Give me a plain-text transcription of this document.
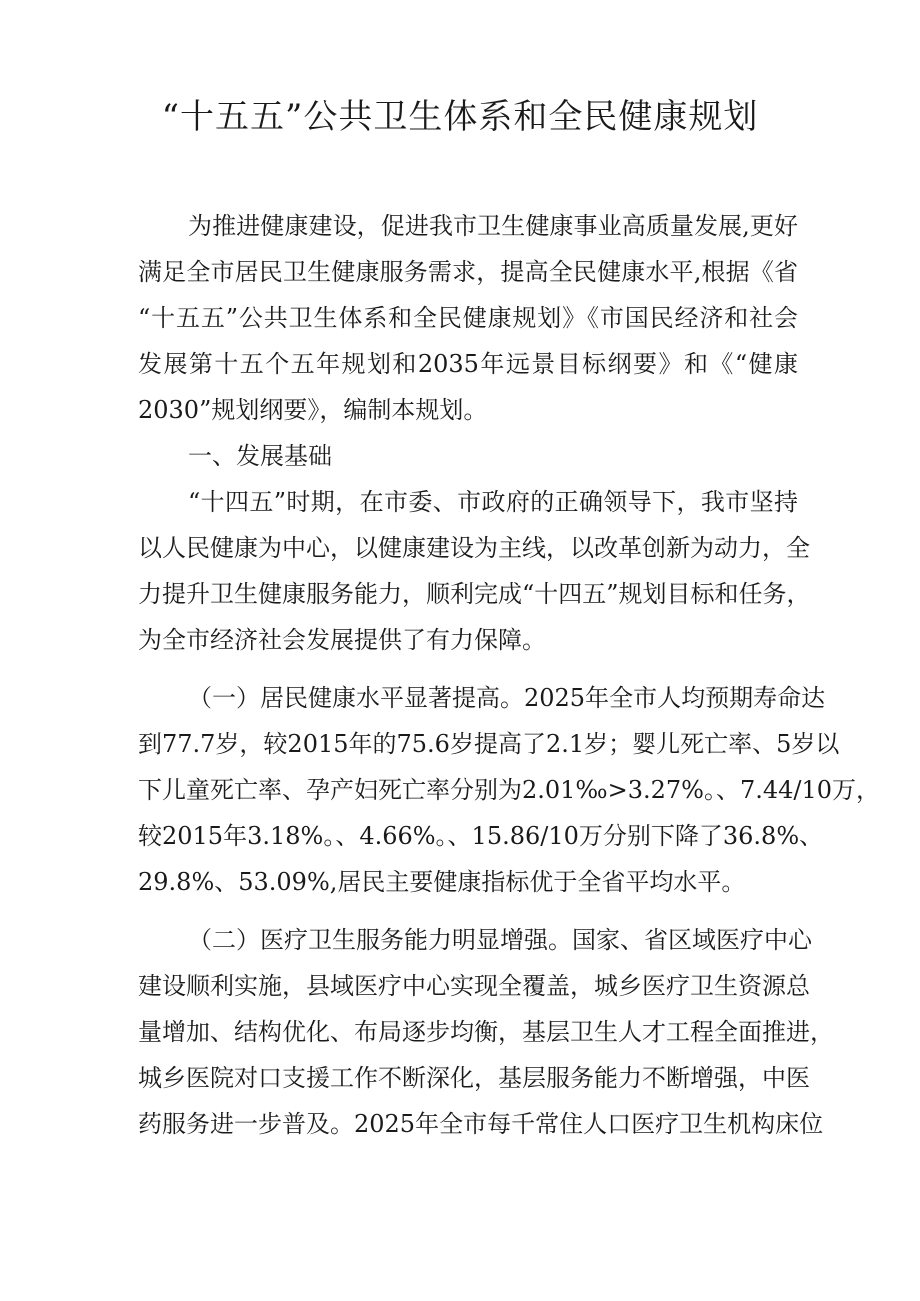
“十五五”公共卫生体系和全民健康规划
为推进健康建设，促进我市卫生健康事业高质量发展,更好
满足全市居民卫生健康服务需求，提高全民健康水平,根据《省
“十五五”公共卫生体系和全民健康规划》《市国民经济和社会
发展第十五个五年规划和2035年远景目标纲要》和《“健康
2030”规划纲要》，编制本规划。
一、发展基础
“十四五”时期，在市委、市政府的正确领导下，我市坚持
以人民健康为中心，以健康建设为主线，以改革创新为动力，全
力提升卫生健康服务能力，顺利完成“十四五”规划目标和任务，
为全市经济社会发展提供了有力保障。
（一）居民健康水平显著提高。2025年全市人均预期寿命达
到77.7岁，较2015年的75.6岁提高了2.1岁；婴儿死亡率、5岁以
下儿童死亡率、孕产妇死亡率分别为2.01‰>3.27%。、7.44/10万，
较2015年3.18%。、4.66%。、15.86/10万分别下降了36.8%、
29.8%、53.09%,居民主要健康指标优于全省平均水平。
（二）医疗卫生服务能力明显增强。国家、省区域医疗中心
建设顺利实施，县域医疗中心实现全覆盖，城乡医疗卫生资源总
量增加、结构优化、布局逐步均衡，基层卫生人才工程全面推进，
城乡医院对口支援工作不断深化，基层服务能力不断增强，中医
药服务进一步普及。2025年全市每千常住人口医疗卫生机构床位
